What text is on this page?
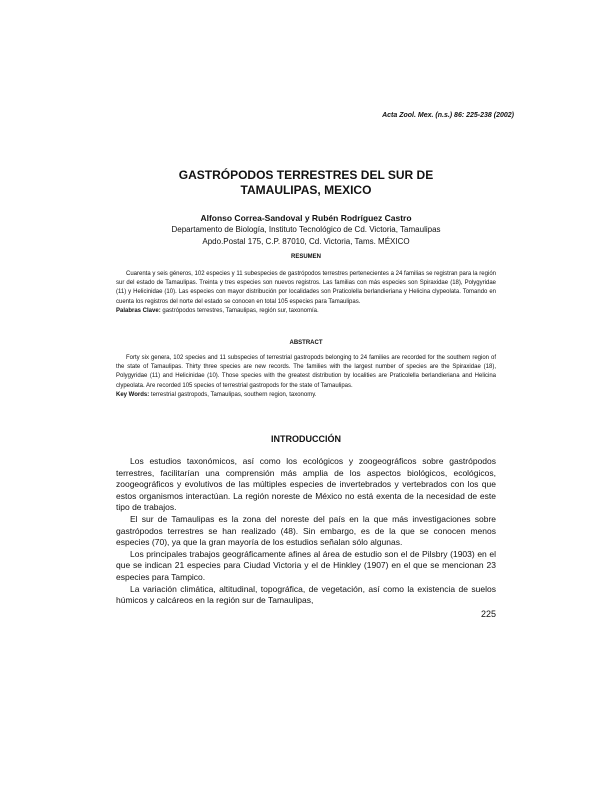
Acta Zool. Mex. (n.s.) 86: 225-238 (2002)
GASTRÓPODOS TERRESTRES DEL SUR DE
TAMAULIPAS, MEXICO
Alfonso Correa-Sandoval y Rubén Rodríguez Castro
Departamento de Biología, Instituto Tecnológico de Cd. Victoria, Tamaulipas
Apdo.Postal 175, C.P. 87010, Cd. Victoria, Tams. MÉXICO
RESUMEN

Cuarenta y seis géneros, 102 especies y 11 subespecies de gastrópodos terrestres pertenecientes a 24 familias se registran para la región sur del estado de Tamaulipas. Treinta y tres especies son nuevos registros. Las familias con más especies son Spiraxidae (18), Polygyridae (11) y Helicinidae (10). Las especies con mayor distribución por localidades son Praticolella berlandieriana y Helicina clypeolata. Tomando en cuenta los registros del norte del estado se conocen en total 105 especies para Tamaulipas.

Palabras Clave: gastrópodos terrestres, Tamaulipas, región sur, taxonomía.

ABSTRACT

Forty six genera, 102 species and 11 subspecies of terrestrial gastropods belonging to 24 families are recorded for the southern region of the state of Tamaulipas. Thirty three species are new records. The families with the largest number of species are the Spiraxidae (18), Polygyridae (11) and Helicinidae (10). Those species with the greatest distribution by localities are Praticolella berlandieriana and Helicina clypeolata. Are recorded 105 species of terrestrial gastropods for the state of Tamaulipas.

Key Words: terrestrial gastropods, Tamaulipas, southern region, taxonomy.

INTRODUCCIÓN

Los estudios taxonómicos, así como los ecológicos y zoogeográficos sobre gastrópodos terrestres, facilitarían una comprensión más amplia de los aspectos biológicos, ecológicos, zoogeográficos y evolutivos de las múltiples especies de invertebrados y vertebrados con los que estos organismos interactúan. La región noreste de México no está exenta de la necesidad de este tipo de trabajos.

El sur de Tamaulipas es la zona del noreste del país en la que más investigaciones sobre gastrópodos terrestres se han realizado (48). Sin embargo, es de la que se conocen menos especies (70), ya que la gran mayoría de los estudios señalan sólo algunas.

Los principales trabajos geográficamente afines al área de estudio son el de Pilsbry (1903) en el que se indican 21 especies para Ciudad Victoria y el de Hinkley (1907) en el que se mencionan 23 especies para Tampico.

La variación climática, altitudinal, topográfica, de vegetación, así como la existencia de suelos húmicos y calcáreos en la región sur de Tamaulipas,

225
